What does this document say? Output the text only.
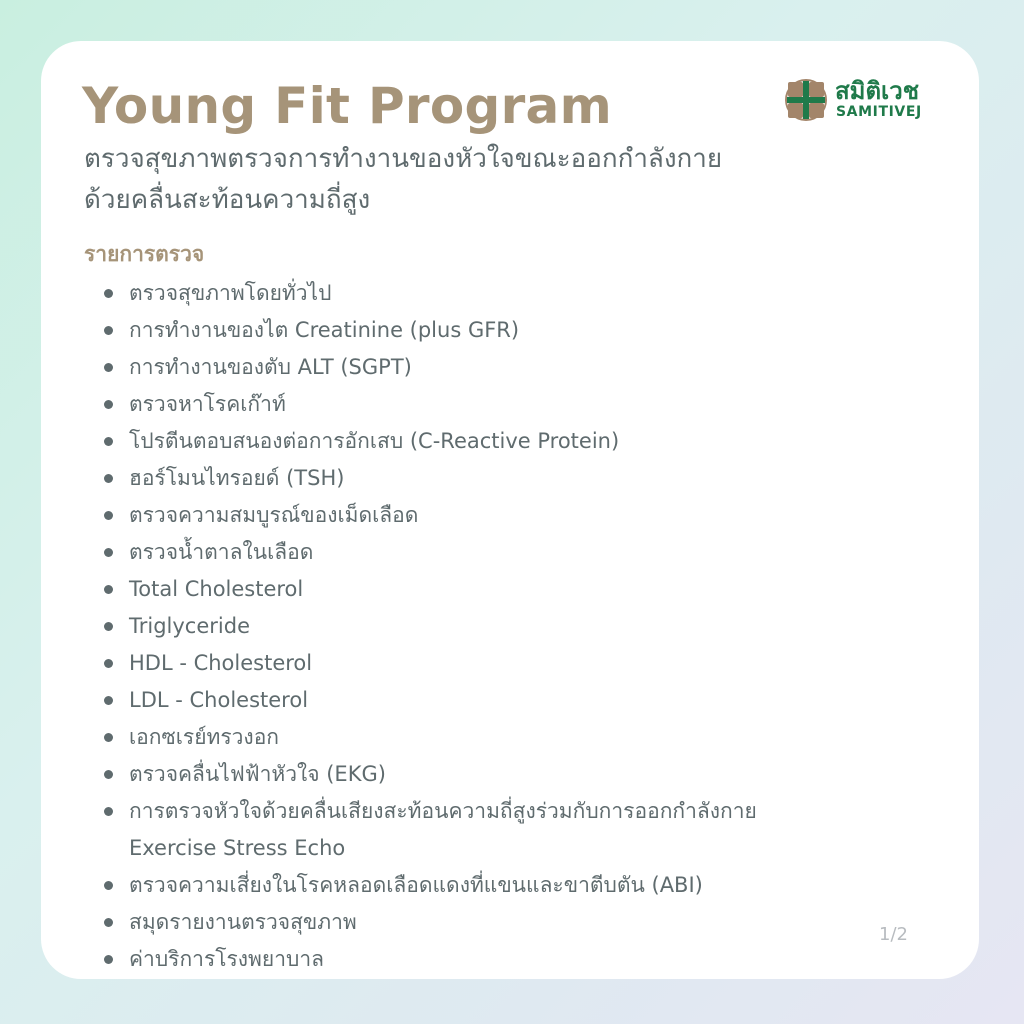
Young Fit Program	สมิติเวช
SAMITIVEJ
ตรวจสุขภาพตรวจการทำงานของหัวใจขณะออกกำลังกาย
ด้วยคลื่นสะท้อนความถี่สูง
รายการตรวจ
ตรวจสุขภาพโดยทั่วไป
การทำงานของไต Creatinine (plus GFR)
การทำงานของตับ ALT (SGPT)
ตรวจหาโรคเก๊าท์
โปรตีนตอบสนองต่อการอักเสบ (C-Reactive Protein)
ฮอร์โมนไทรอยด์ (TSH)
ตรวจความสมบูรณ์ของเม็ดเลือด
ตรวจน้ำตาลในเลือด
Total Cholesterol
Triglyceride
HDL - Cholesterol
LDL - Cholesterol
เอกซเรย์ทรวงอก
ตรวจคลื่นไฟฟ้าหัวใจ (EKG)
การตรวจหัวใจด้วยคลื่นเสียงสะท้อนความถี่สูงร่วมกับการออกกำลังกาย
Exercise Stress Echo
ตรวจความเสี่ยงในโรคหลอดเลือดแดงที่แขนและขาตีบตัน (ABI)
สมุดรายงานตรวจสุขภาพ
ค่าบริการโรงพยาบาล
1/2
